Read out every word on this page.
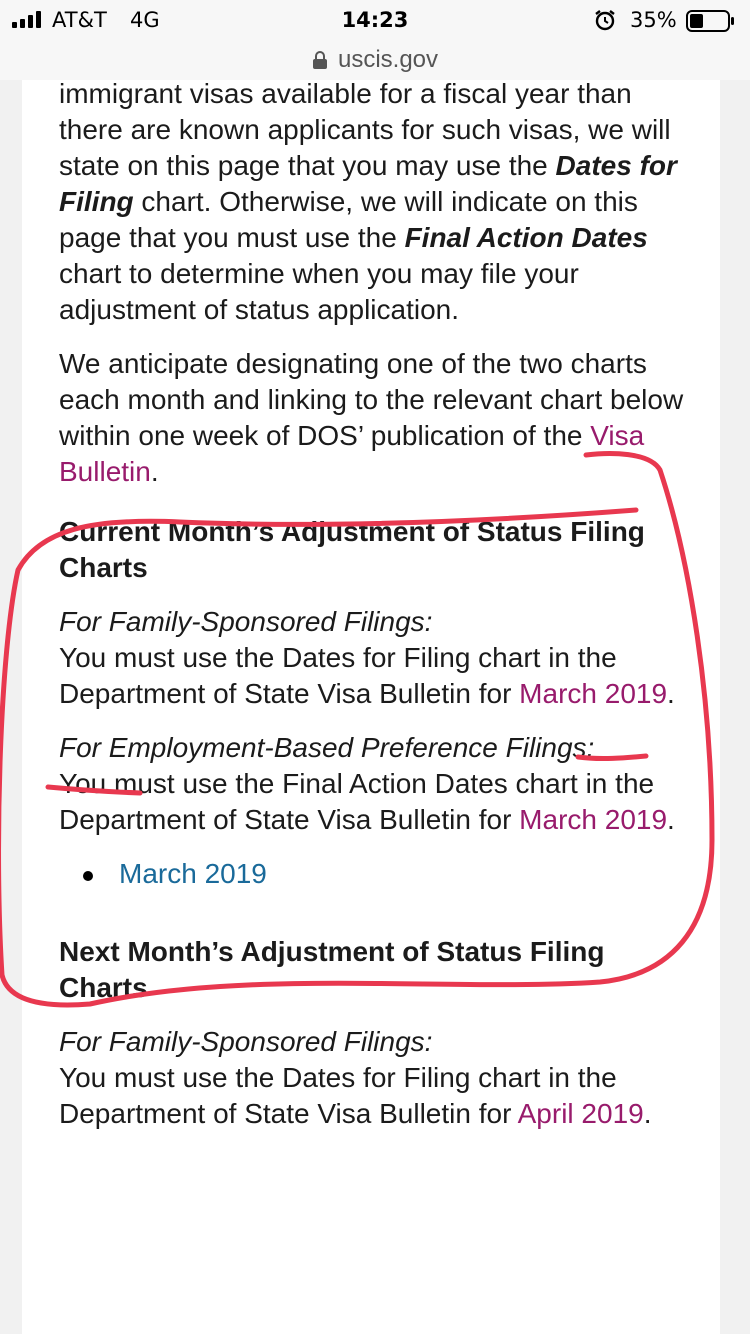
AT&T 4G	14:23	35%
uscis.gov

immigrant visas available for a fiscal year than there are known applicants for such visas, we will state on this page that you may use the Dates for Filing chart. Otherwise, we will indicate on this page that you must use the Final Action Dates chart to determine when you may file your adjustment of status application.

We anticipate designating one of the two charts each month and linking to the relevant chart below within one week of DOS’ publication of the Visa Bulletin.

Current Month’s Adjustment of Status Filing Charts

For Family-Sponsored Filings:
You must use the Dates for Filing chart in the Department of State Visa Bulletin for March 2019.

For Employment-Based Preference Filings:
You must use the Final Action Dates chart in the Department of State Visa Bulletin for March 2019.

March 2019
Next Month’s Adjustment of Status Filing Charts

For Family-Sponsored Filings:
You must use the Dates for Filing chart in the Department of State Visa Bulletin for April 2019.
